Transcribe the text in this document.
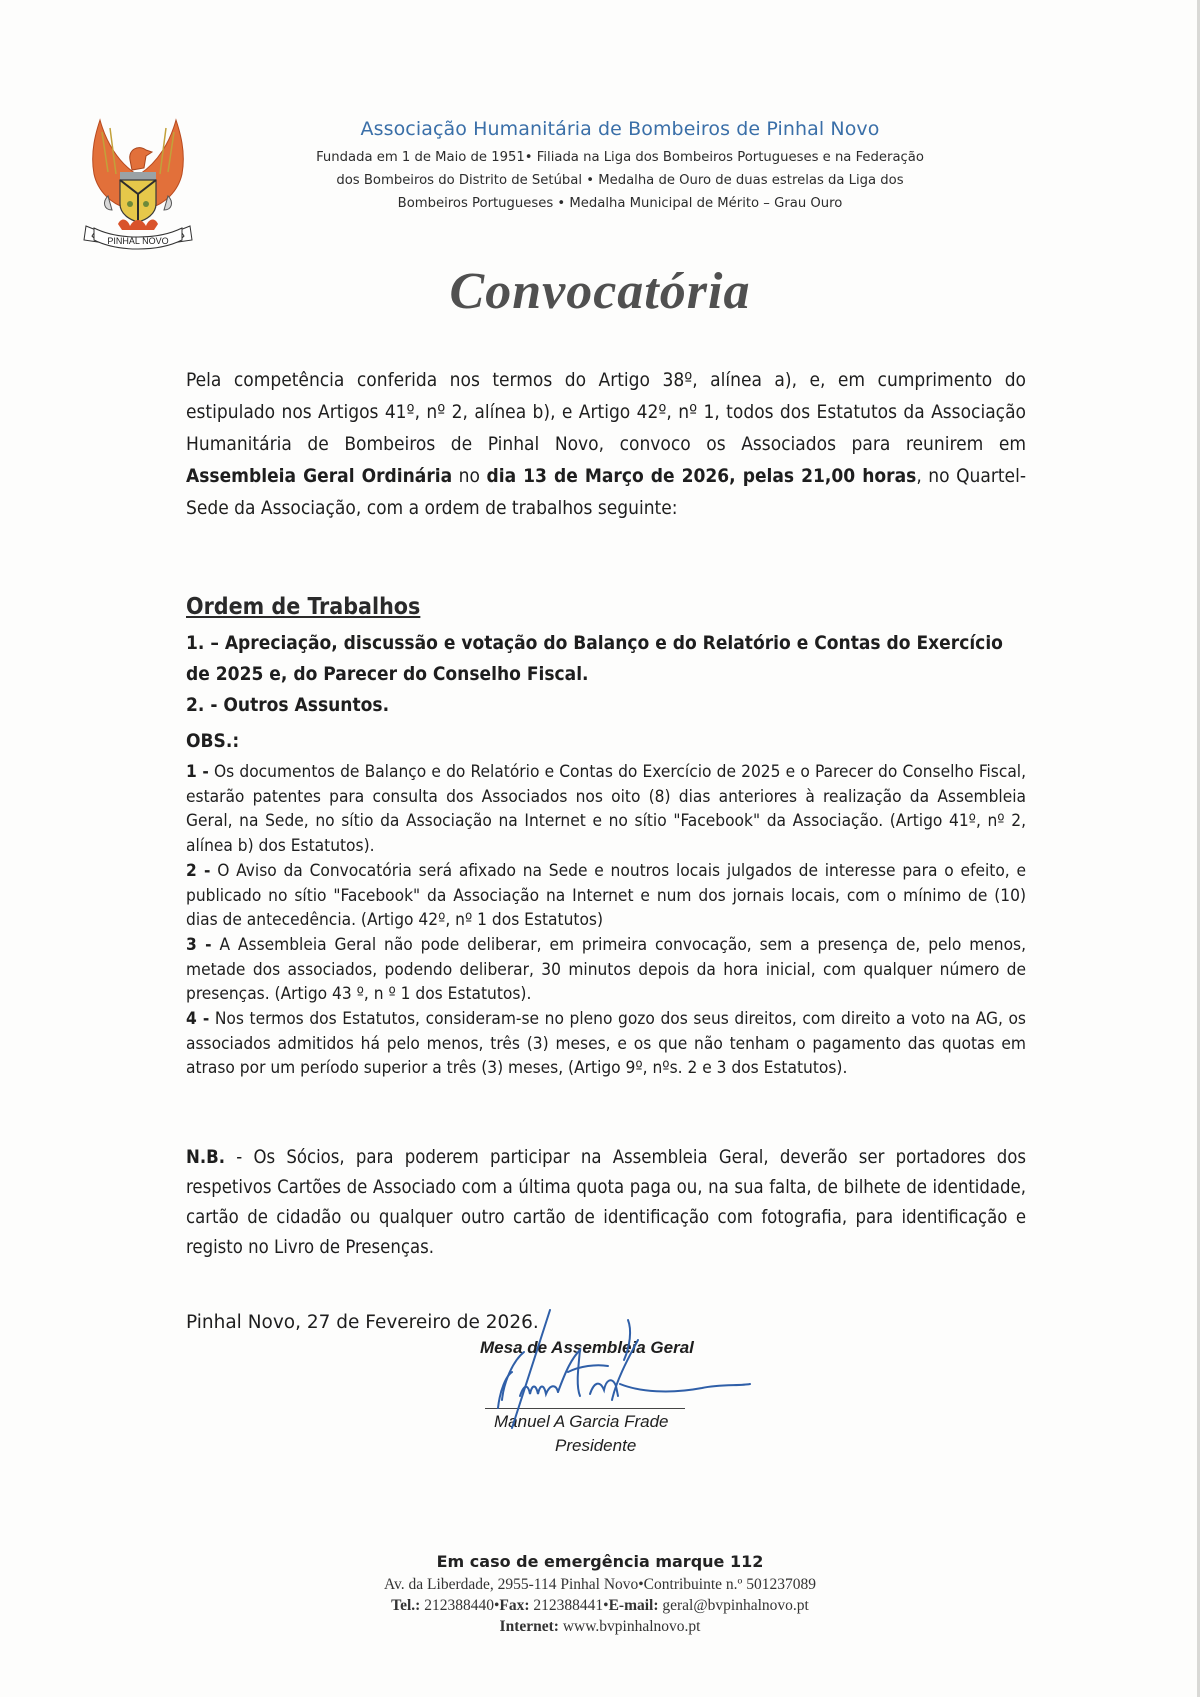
PINHAL NOVO
Associação Humanitária de Bombeiros de Pinhal Novo
Fundada em 1 de Maio de 1951• Filiada na Liga dos Bombeiros Portugueses e na Federação
dos Bombeiros do Distrito de Setúbal • Medalha de Ouro de duas estrelas da Liga dos
Bombeiros Portugueses • Medalha Municipal de Mérito – Grau Ouro
Convocatória
Pela competência conferida nos termos do Artigo 38º, alínea a), e, em cumprimento do estipulado nos Artigos 41º, nº 2, alínea b), e Artigo 42º, nº 1, todos dos Estatutos da Associação Humanitária de Bombeiros de Pinhal Novo, convoco os Associados para reunirem em Assembleia Geral Ordinária no dia 13 de Março de 2026, pelas 21,00 horas, no Quartel-Sede da Associação, com a ordem de trabalhos seguinte:
Ordem de Trabalhos
1. – Apreciação, discussão e votação do Balanço e do Relatório e Contas do Exercício de 2025 e, do Parecer do Conselho Fiscal.
2. - Outros Assuntos.
OBS.:

1 - Os documentos de Balanço e do Relatório e Contas do Exercício de 2025 e o Parecer do Conselho Fiscal, estarão patentes para consulta dos Associados nos oito (8) dias anteriores à realização da Assembleia Geral, na Sede, no sítio da Associação na Internet e no sítio "Facebook" da Associação. (Artigo 41º, nº 2, alínea b) dos Estatutos).

2 - O Aviso da Convocatória será afixado na Sede e noutros locais julgados de interesse para o efeito, e publicado no sítio "Facebook" da Associação na Internet e num dos jornais locais, com o mínimo de (10) dias de antecedência. (Artigo 42º, nº 1 dos Estatutos)

3 - A Assembleia Geral não pode deliberar, em primeira convocação, sem a presença de, pelo menos, metade dos associados, podendo deliberar, 30 minutos depois da hora inicial, com qualquer número de presenças. (Artigo 43 º, n º 1 dos Estatutos).

4 - Nos termos dos Estatutos, consideram-se no pleno gozo dos seus direitos, com direito a voto na AG, os associados admitidos há pelo menos, três (3) meses, e os que não tenham o pagamento das quotas em atraso por um período superior a três (3) meses, (Artigo 9º, nºs. 2 e 3 dos Estatutos).

N.B. - Os Sócios, para poderem participar na Assembleia Geral, deverão ser portadores dos respetivos Cartões de Associado com a última quota paga ou, na sua falta, de bilhete de identidade, cartão de cidadão ou qualquer outro cartão de identificação com fotografia, para identificação e registo no Livro de Presenças.
Pinhal Novo, 27 de Fevereiro de 2026.
Mesa de Assembleia Geral
Manuel A Garcia Frade
Presidente
Em caso de emergência marque 112
Av. da Liberdade, 2955-114 Pinhal Novo•Contribuinte n.º 501237089
Tel.: 212388440•Fax: 212388441•E-mail: geral@bvpinhalnovo.pt
Internet: www.bvpinhalnovo.pt
